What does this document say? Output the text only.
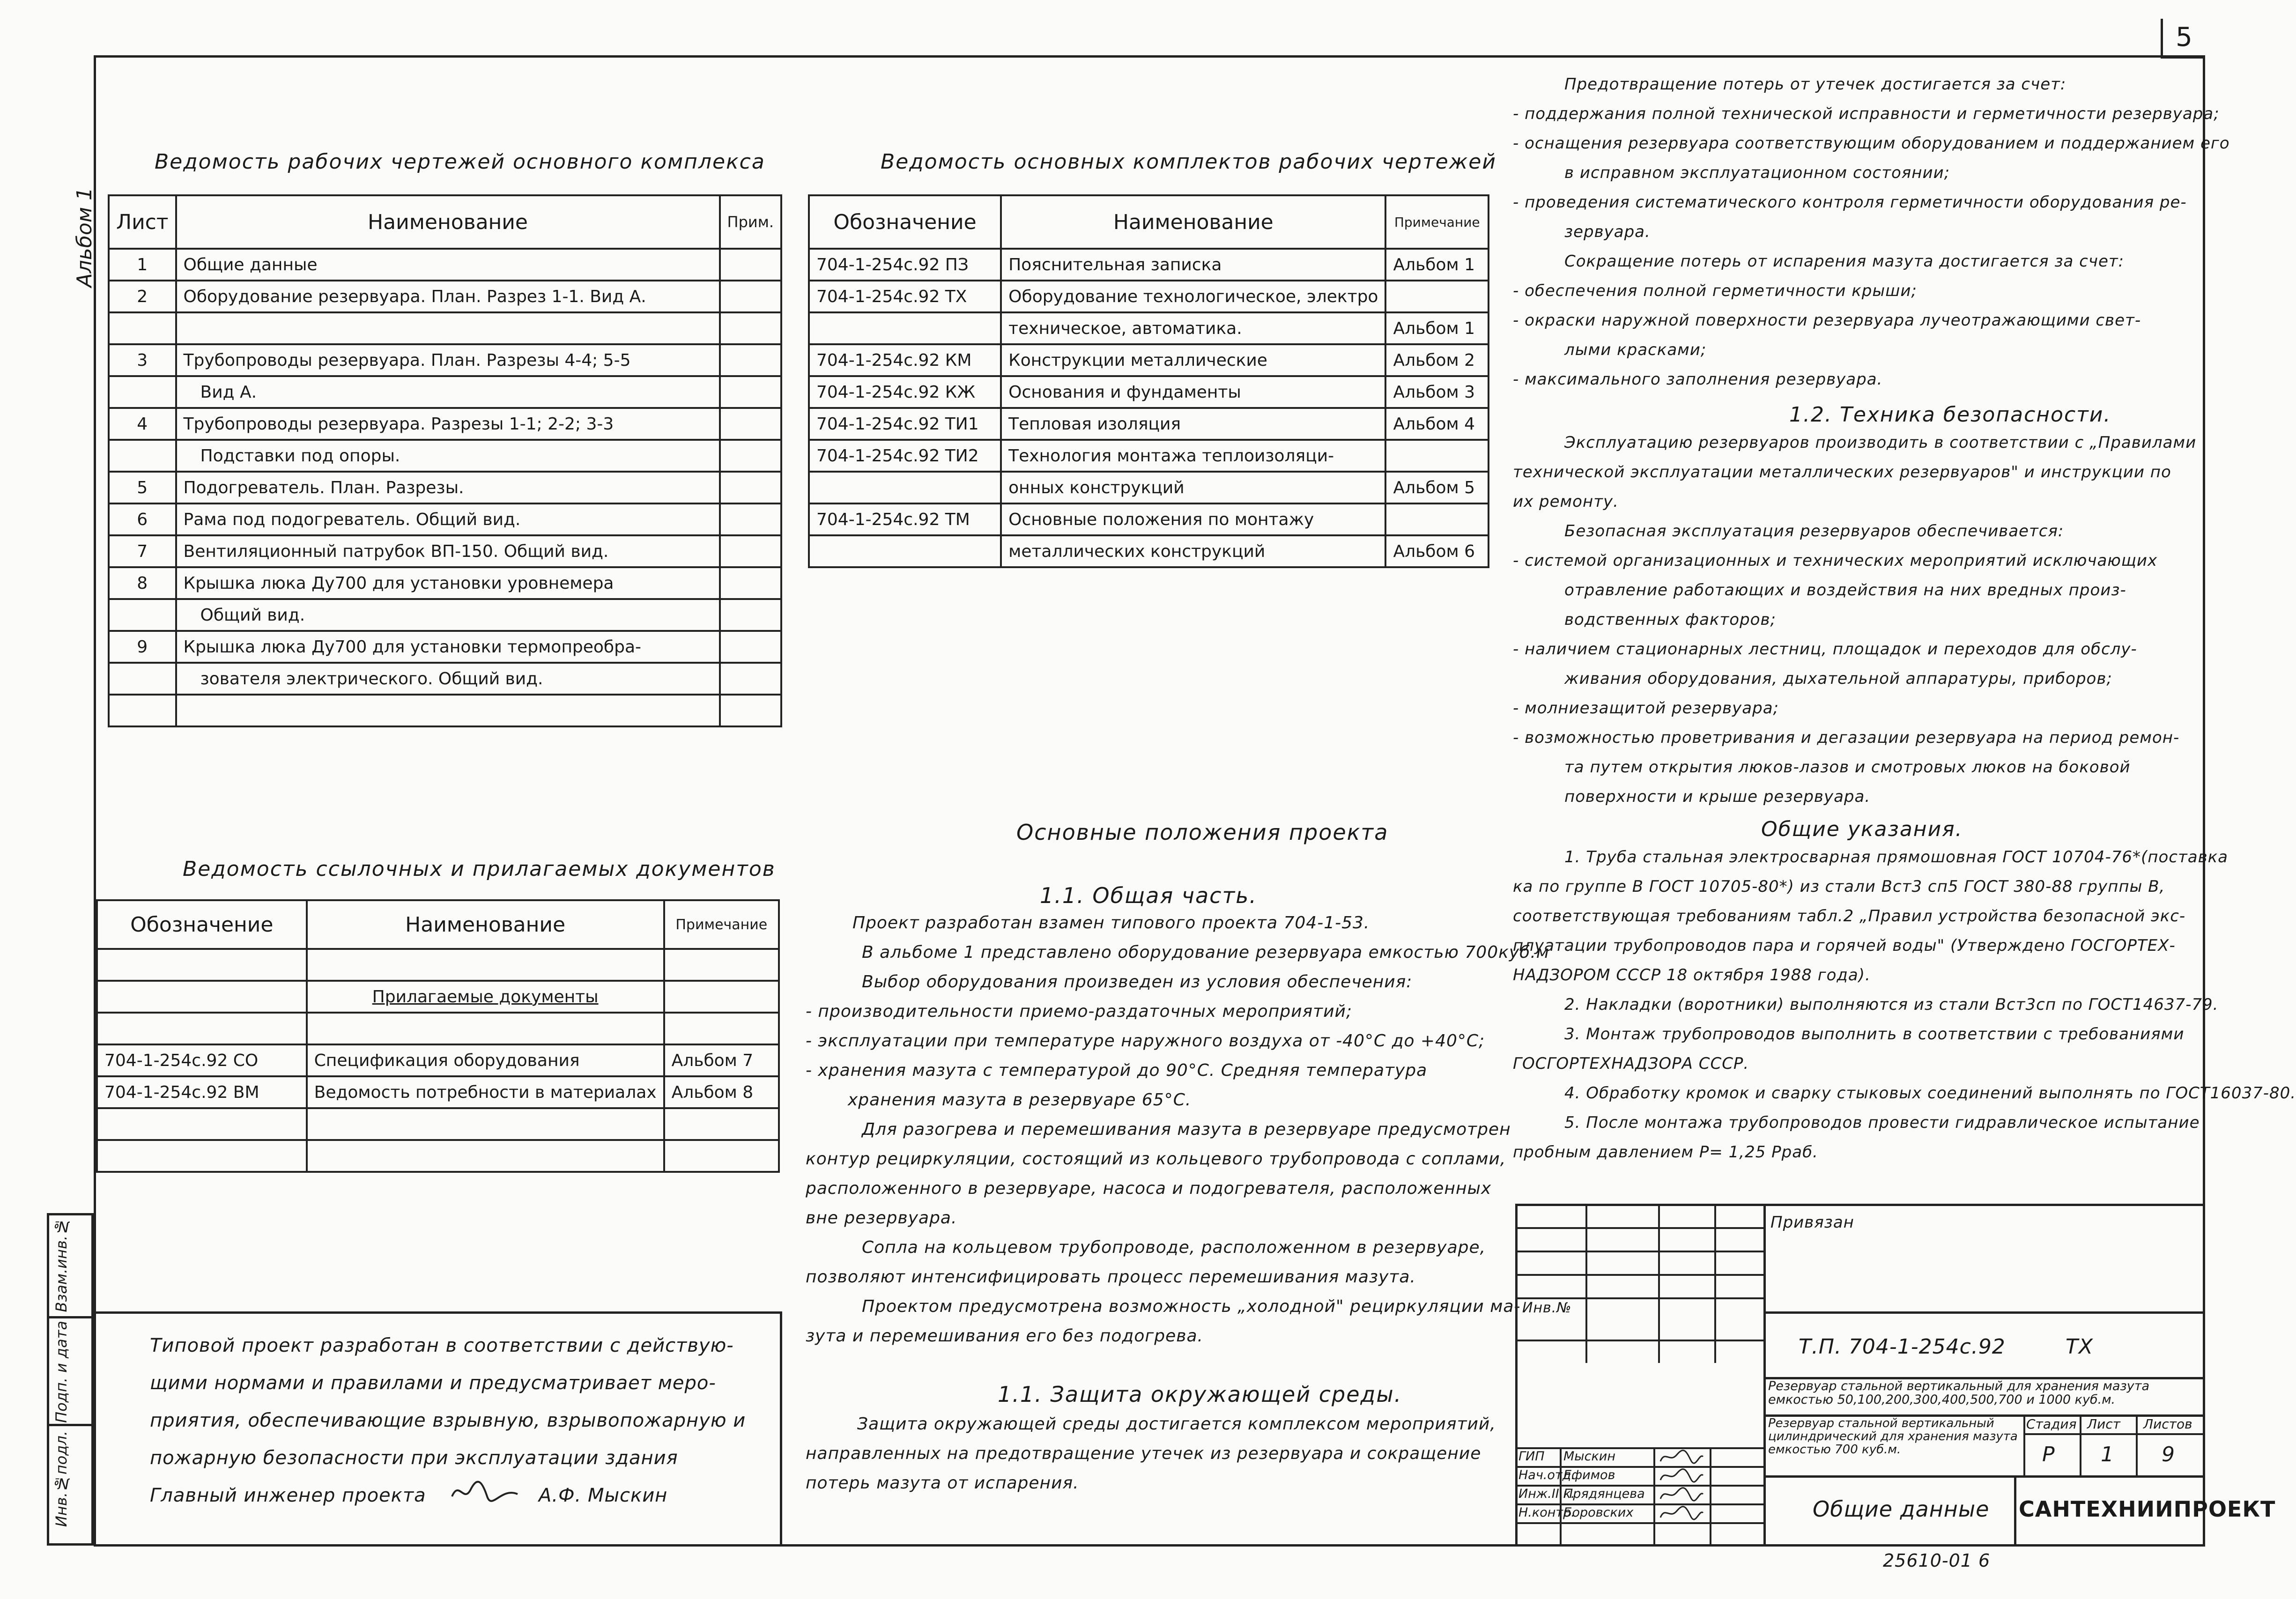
5
Альбом 1
Ведомость рабочих чертежей основного комплекса
Лист	Наименование	Прим.
1	Общие данные	
2	Оборудование резервуара. План. Разрез 1-1. Вид А.	

3	Трубопроводы резервуара. План. Разрезы 4-4; 5-5	
	Вид А.	
4	Трубопроводы резервуара. Разрезы 1-1; 2-2; 3-3	
	Подставки под опоры.	
5	Подогреватель. План. Разрезы.	
6	Рама под подогреватель. Общий вид.	
7	Вентиляционный патрубок ВП-150. Общий вид.	
8	Крышка люка Ду700 для установки уровнемера	
	Общий вид.	
9	Крышка люка Ду700 для установки термопреобра-	
	зователя электрического. Общий вид.	

Ведомость основных комплектов рабочих чертежей
Обозначение	Наименование	Примечание
704-1-254с.92 ПЗ	Пояснительная записка	Альбом 1
704-1-254с.92 ТХ	Оборудование технологическое, электро	
	техническое, автоматика.	Альбом 1
704-1-254с.92 КМ	Конструкции металлические	Альбом 2
704-1-254с.92 КЖ	Основания и фундаменты	Альбом 3
704-1-254с.92 ТИ1	Тепловая изоляция	Альбом 4
704-1-254с.92 ТИ2	Технология монтажа теплоизоляци-	
	онных конструкций	Альбом 5
704-1-254с.92 ТМ	Основные положения по монтажу	
	металлических конструкций	Альбом 6
Ведомость ссылочных и прилагаемых документов
Обозначение	Наименование	Примечание

	Прилагаемые документы	

704-1-254с.92 СО	Спецификация оборудования	Альбом 7
704-1-254с.92 ВМ	Ведомость потребности в материалах	Альбом 8

Взам.инв.№
Подп. и дата
Инв.№подл.
Типовой проект разработан в соответствии с действую-
щими нормами и правилами и предусматривает меро-
приятия, обеспечивающие взрывную, взрывопожарную и
пожарную безопасности при эксплуатации здания
Главный инженер проекта	А.Ф. Мыскин
Основные положения проекта
1.1. Общая часть.
Проект разработан взамен типового проекта 704-1-53.
В альбоме 1 представлено оборудование резервуара емкостью 700куб.м
Выбор оборудования произведен из условия обеспечения:
- производительности приемо-раздаточных мероприятий;
- эксплуатации при температуре наружного воздуха от -40°С до +40°С;
- хранения мазута с температурой до 90°С. Средняя температура
хранения мазута в резервуаре 65°С.
Для разогрева и перемешивания мазута в резервуаре предусмотрен
контур рециркуляции, состоящий из кольцевого трубопровода с соплами,
расположенного в резервуаре, насоса и подогревателя, расположенных
вне резервуара.
Сопла на кольцевом трубопроводе, расположенном в резервуаре,
позволяют интенсифицировать процесс перемешивания мазута.
Проектом предусмотрена возможность „холодной" рециркуляции ма-
зута и перемешивания его без подогрева.
1.1. Защита окружающей среды.
Защита окружающей среды достигается комплексом мероприятий,
направленных на предотвращение утечек из резервуара и сокращение
потерь мазута от испарения.
Предотвращение потерь от утечек достигается за счет:
- поддержания полной технической исправности и герметичности резервуара;
- оснащения резервуара соответствующим оборудованием и поддержанием его
в исправном эксплуатационном состоянии;
- проведения систематического контроля герметичности оборудования ре-
зервуара.
Сокращение потерь от испарения мазута достигается за счет:
- обеспечения полной герметичности крыши;
- окраски наружной поверхности резервуара лучеотражающими свет-
лыми красками;
- максимального заполнения резервуара.
1.2. Техника безопасности.
Эксплуатацию резервуаров производить в соответствии с „Правилами
технической эксплуатации металлических резервуаров" и инструкции по
их ремонту.
Безопасная эксплуатация резервуаров обеспечивается:
- системой организационных и технических мероприятий исключающих
отравление работающих и воздействия на них вредных произ-
водственных факторов;
- наличием стационарных лестниц, площадок и переходов для обслу-
живания оборудования, дыхательной аппаратуры, приборов;
- молниезащитой резервуара;
- возможностью проветривания и дегазации резервуара на период ремон-
та путем открытия люков-лазов и смотровых люков на боковой
поверхности и крыше резервуара.
Общие указания.
1. Труба стальная электросварная прямошовная ГОСТ 10704-76*(поставка
ка по группе В ГОСТ 10705-80*) из стали Вст3 сп5 ГОСТ 380-88 группы В,
соответствующая требованиям табл.2 „Правил устройства безопасной экс-
плуатации трубопроводов пара и горячей воды" (Утверждено ГОСГОРТЕХ-
НАДЗОРОМ СССР 18 октября 1988 года).
2. Накладки (воротники) выполняются из стали Вст3сп по ГОСТ14637-79.
3. Монтаж трубопроводов выполнить в соответствии с требованиями
ГОСГОРТЕХНАДЗОРА СССР.
4. Обработку кромок и сварку стыковых соединений выполнять по ГОСТ16037-80.
5. После монтажа трубопроводов провести гидравлическое испытание
пробным давлением Р= 1,25 Рраб.
ГИП Мыскин
Нач.отд.
Ефимов
Инж.II к.
Прядянцева
Н.контр.
Боровских
Привязан
Инв.№
Т.П. 704-1-254с.92	ТХ
Резервуар стальной вертикальный для хранения мазута емкостью 50,100,200,300,400,500,700 и 1000 куб.м.
Резервуар стальной вертикальный цилиндрический для хранения мазута емкостью 700 куб.м.
Стадия Лист Листов
Р 1 9
Общие данные САНТЕХНИИПРОЕКТ
25610-01 6
